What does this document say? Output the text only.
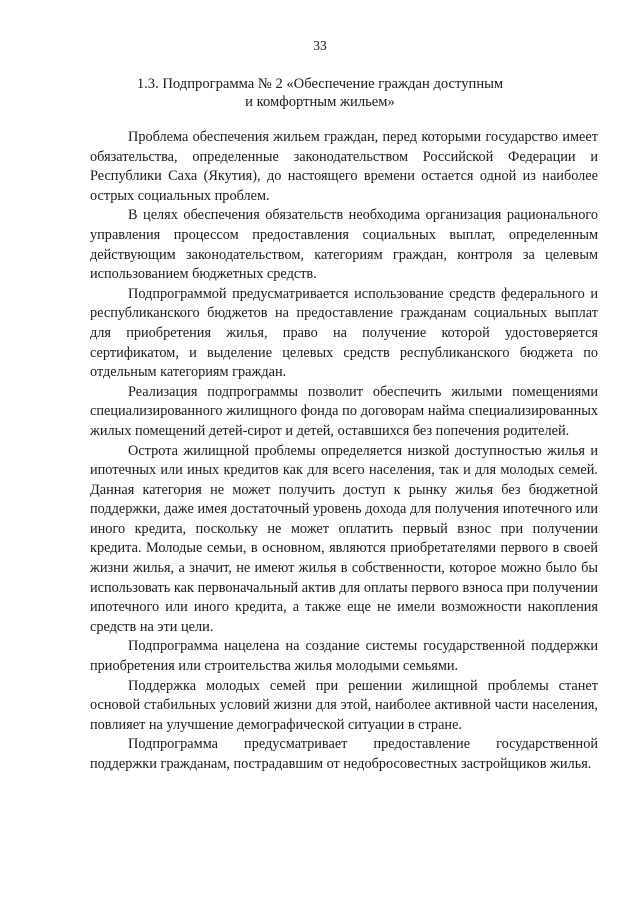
33
1.3. Подпрограмма № 2 «Обеспечение граждан доступным
и комфортным жильем»

Проблема обеспечения жильем граждан, перед которыми государство имеет обязательства, определенные законодательством Российской Федерации и Республики Саха (Якутия), до настоящего времени остается одной из наиболее острых социальных проблем.

В целях обеспечения обязательств необходима организация рационального управления процессом предоставления социальных выплат, определенным действующим законодательством, категориям граждан, контроля за целевым использованием бюджетных средств.

Подпрограммой предусматривается использование средств федерального и республиканского бюджетов на предоставление гражданам социальных выплат для приобретения жилья, право на получение которой удостоверяется сертификатом, и выделение целевых средств республиканского бюджета по отдельным категориям граждан.

Реализация подпрограммы позволит обеспечить жилыми помещениями специализированного жилищного фонда по договорам найма специализированных жилых помещений детей-сирот и детей, оставшихся без попечения родителей.

Острота жилищной проблемы определяется низкой доступностью жилья и ипотечных или иных кредитов как для всего населения, так и для молодых семей. Данная категория не может получить доступ к рынку жилья без бюджетной поддержки, даже имея достаточный уровень дохода для получения ипотечного или иного кредита, поскольку не может оплатить первый взнос при получении кредита. Молодые семьи, в основном, являются приобретателями первого в своей жизни жилья, а значит, не имеют жилья в собственности, которое можно было бы использовать как первоначальный актив для оплаты первого взноса при получении ипотечного или иного кредита, а также еще не имели возможности накопления средств на эти цели.

Подпрограмма нацелена на создание системы государственной поддержки приобретения или строительства жилья молодыми семьями.

Поддержка молодых семей при решении жилищной проблемы станет основой стабильных условий жизни для этой, наиболее активной части населения, повлияет на улучшение демографической ситуации в стране.

Подпрограмма предусматривает предоставление государственной поддержки гражданам, пострадавшим от недобросовестных застройщиков жилья.
